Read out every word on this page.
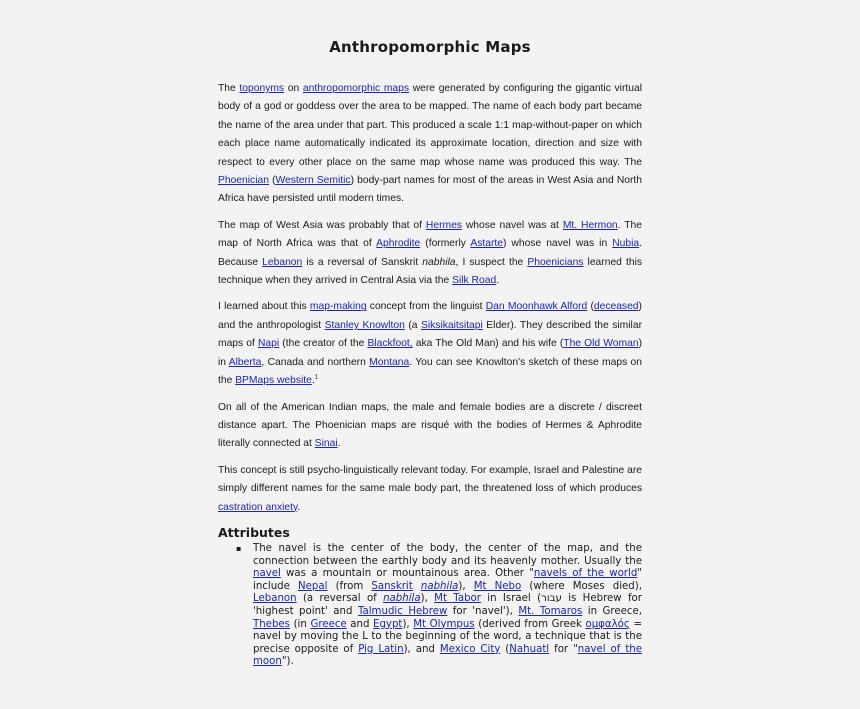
Anthropomorphic Maps

The toponyms on anthropomorphic maps were generated by configuring the gigantic virtual body of a god or goddess over the area to be mapped. The name of each body part became the name of the area under that part. This produced a scale 1:1 map-without-paper on which each place name automatically indicated its approximate location, direction and size with respect to every other place on the same map whose name was produced this way. The Phoenician (Western Semitic) body-part names for most of the areas in West Asia and North Africa have persisted until modern times.

The map of West Asia was probably that of Hermes whose navel was at Mt. Hermon. The map of North Africa was that of Aphrodite (formerly Astarte) whose navel was in Nubia. Because Lebanon is a reversal of Sanskrit nabhila, I suspect the Phoenicians learned this technique when they arrived in Central Asia via the Silk Road.

I learned about this map-making concept from the linguist Dan Moonhawk Alford (deceased) and the anthropologist Stanley Knowlton (a Siksikaitsitapi Elder). They described the similar maps of Napi (the creator of the Blackfoot, aka The Old Man) and his wife (The Old Woman) in Alberta, Canada and northern Montana. You can see Knowlton's sketch of these maps on the BPMaps website.$^1$

On all of the American Indian maps, the male and female bodies are a discrete / discreet distance apart. The Phoenician maps are risqué with the bodies of Hermes & Aphrodite literally connected at Sinai.

This concept is still psycho-linguistically relevant today. For example, Israel and Palestine are simply different names for the same male body part, the threatened loss of which produces castration anxiety.

Attributes
▪ The navel is the center of the body, the center of the map, and the connection between the earthly body and its heavenly mother. Usually the navel was a mountain or mountainous area. Other "navels of the world" include Nepal (from Sanskrit nabhila), Mt Nebo (where Moses died), Lebanon (a reversal of nabhila), Mt Tabor in Israel (עבור is Hebrew for 'highest point' and Talmudic Hebrew for 'navel'), Mt. Tomaros in Greece, Thebes (in Greece and Egypt), Mt Olympus (derived from Greek ομφαλός = navel by moving the L to the beginning of the word, a technique that is the precise opposite of Pig Latin), and Mexico City (Nahuatl for "navel of the moon").
